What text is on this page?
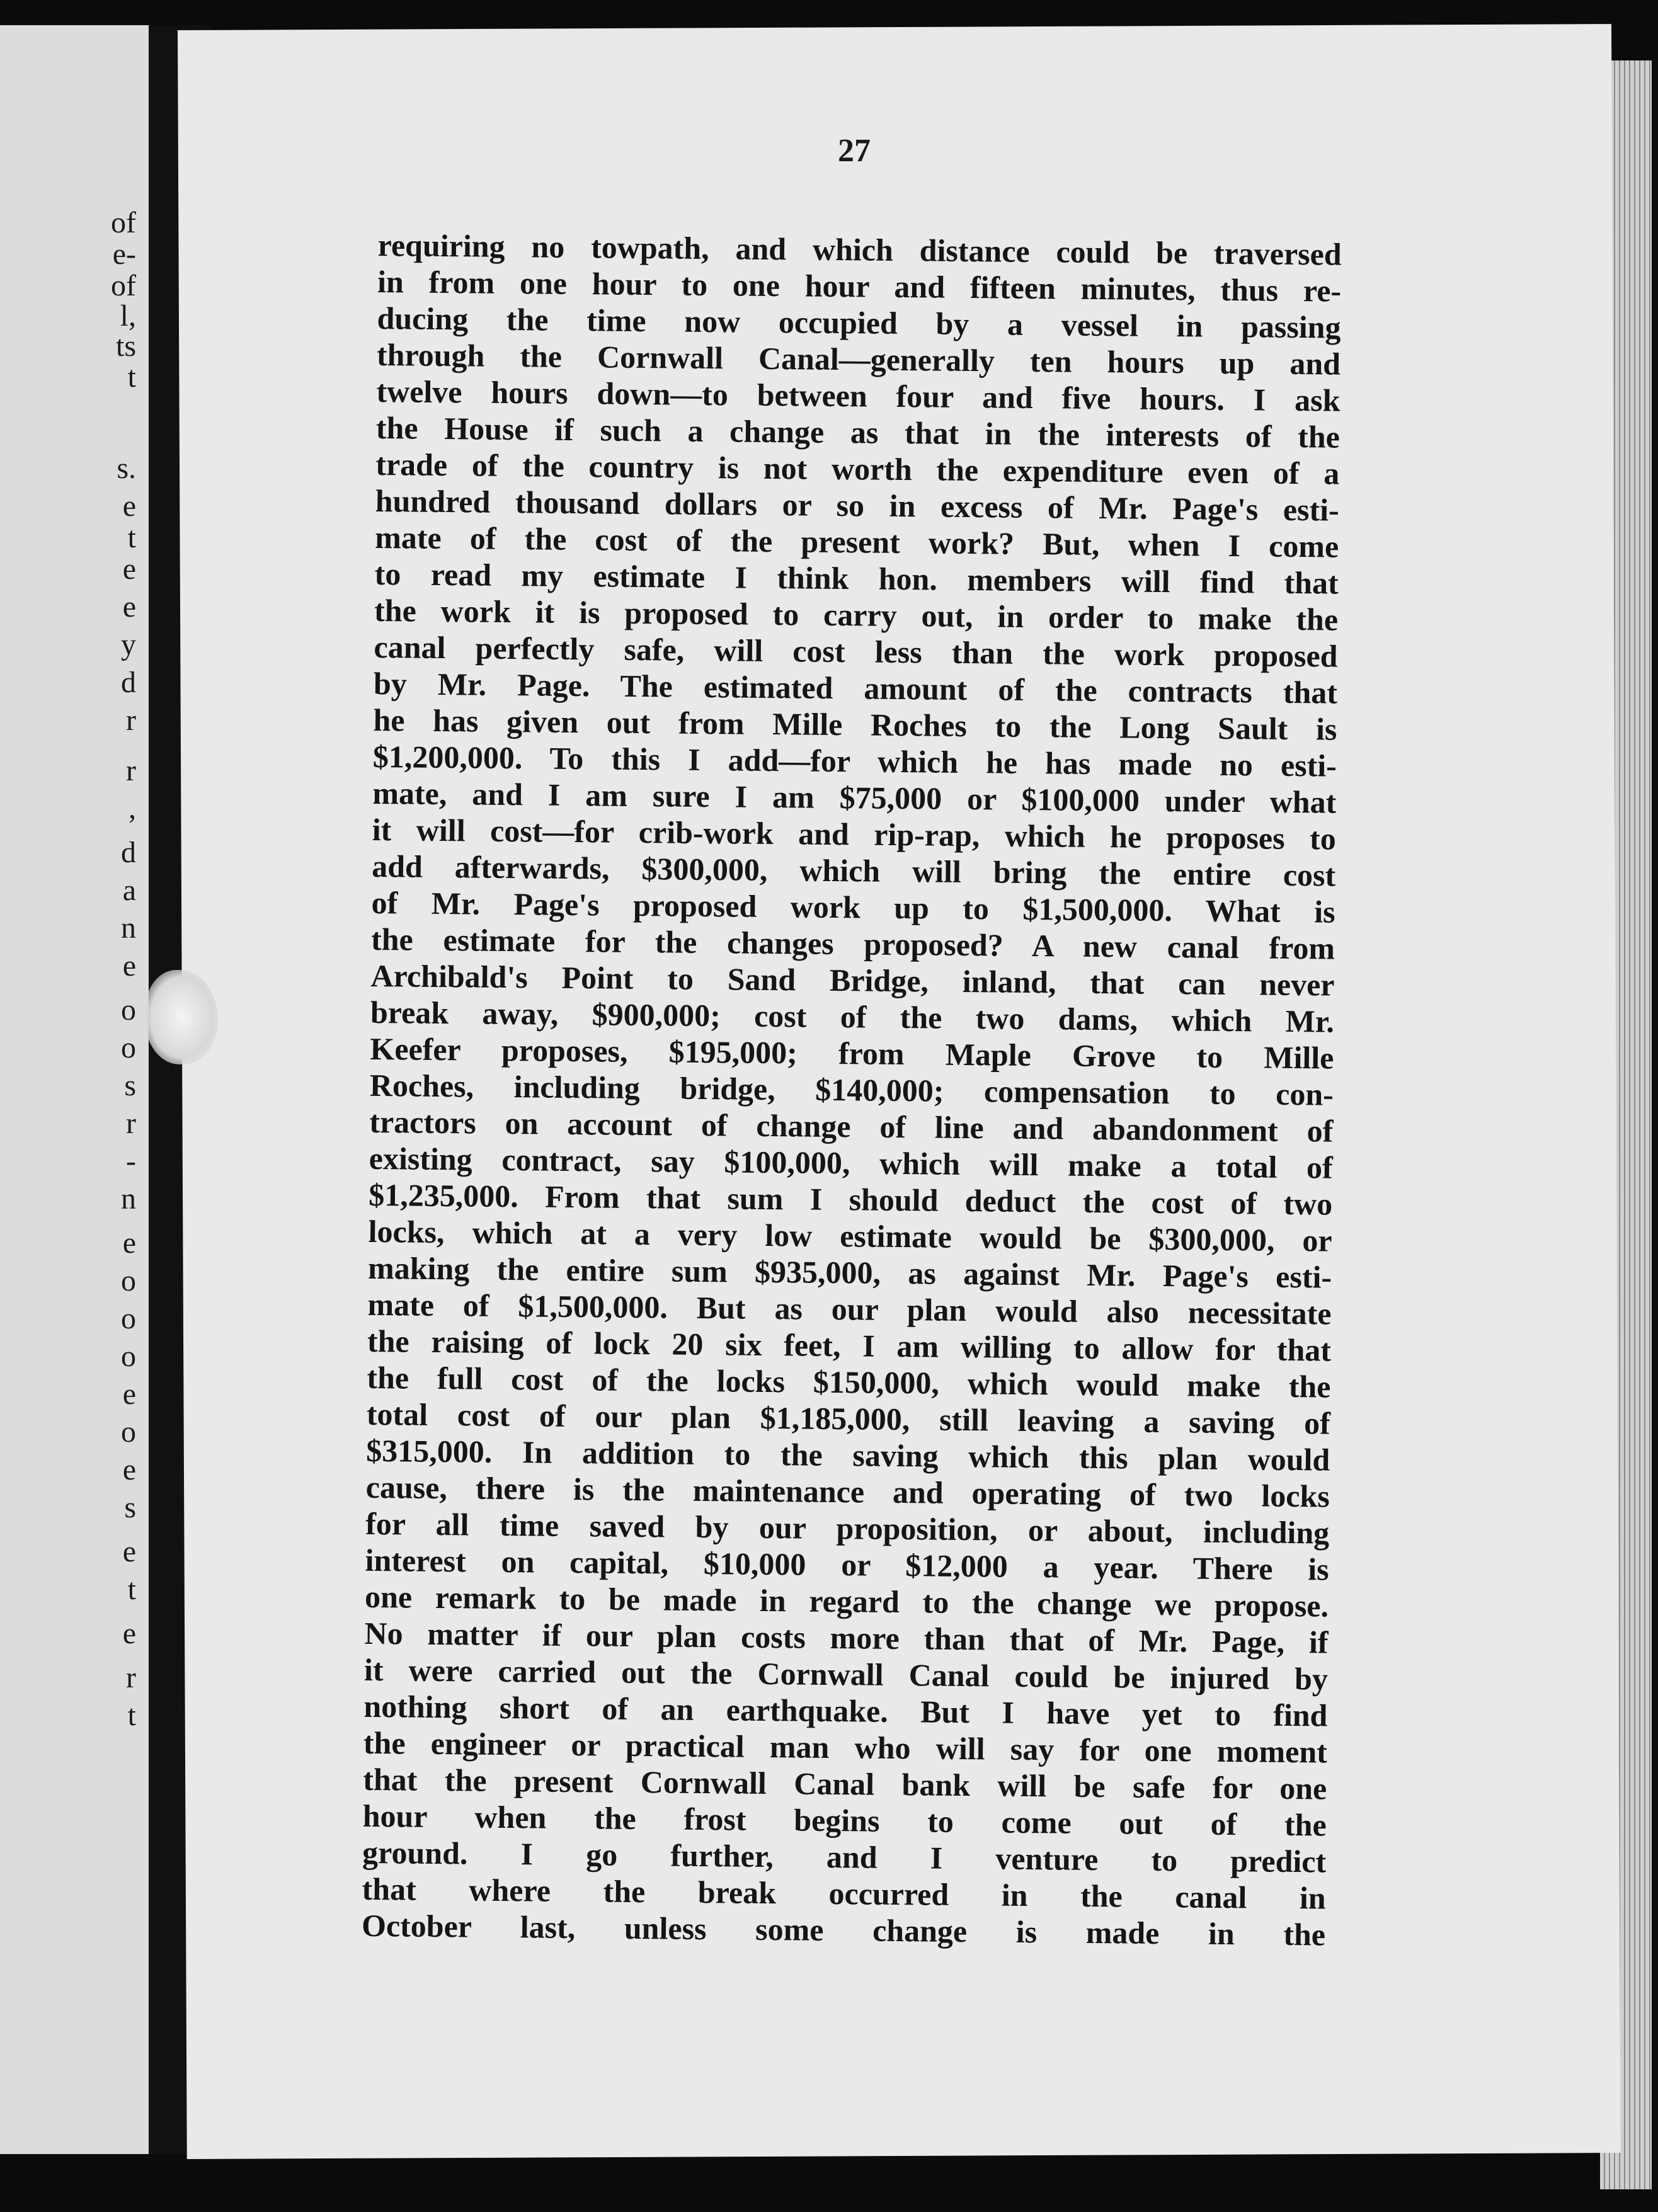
of
e-
of
l,
ts
t
s.
e
t
e
e
y
d
r
r
,
d
a
n
e
o
o
s
r
-
n
e
o
o
o
e
o
e
s
e
t
e
r
t
27
requiring no towpath, and which distance could be traversed
in from one hour to one hour and fifteen minutes, thus re-
ducing the time now occupied by a vessel in passing
through the Cornwall Canal—generally ten hours up and
twelve hours down—to between four and five hours. I ask
the House if such a change as that in the interests of the
trade of the country is not worth the expenditure even of a
hundred thousand dollars or so in excess of Mr. Page's esti-
mate of the cost of the present work? But, when I come
to read my estimate I think hon. members will find that
the work it is proposed to carry out, in order to make the
canal perfectly safe, will cost less than the work proposed
by Mr. Page. The estimated amount of the contracts that
he has given out from Mille Roches to the Long Sault is
$1,200,000. To this I add—for which he has made no esti-
mate, and I am sure I am $75,000 or $100,000 under what
it will cost—for crib-work and rip-rap, which he proposes to
add afterwards, $300,000, which will bring the entire cost
of Mr. Page's proposed work up to $1,500,000. What is
the estimate for the changes proposed? A new canal from
Archibald's Point to Sand Bridge, inland, that can never
break away, $900,000; cost of the two dams, which Mr.
Keefer proposes, $195,000; from Maple Grove to Mille
Roches, including bridge, $140,000; compensation to con-
tractors on account of change of line and abandonment of
existing contract, say $100,000, which will make a total of
$1,235,000. From that sum I should deduct the cost of two
locks, which at a very low estimate would be $300,000, or
making the entire sum $935,000, as against Mr. Page's esti-
mate of $1,500,000. But as our plan would also necessitate
the raising of lock 20 six feet, I am willing to allow for that
the full cost of the locks $150,000, which would make the
total cost of our plan $1,185,000, still leaving a saving of
$315,000. In addition to the saving which this plan would
cause, there is the maintenance and operating of two locks
for all time saved by our proposition, or about, including
interest on capital, $10,000 or $12,000 a year. There is
one remark to be made in regard to the change we propose.
No matter if our plan costs more than that of Mr. Page, if
it were carried out the Cornwall Canal could be injured by
nothing short of an earthquake. But I have yet to find
the engineer or practical man who will say for one moment
that the present Cornwall Canal bank will be safe for one
hour when the frost begins to come out of the
ground. I go further, and I venture to predict
that where the break occurred in the canal in
October last, unless some change is made in the
